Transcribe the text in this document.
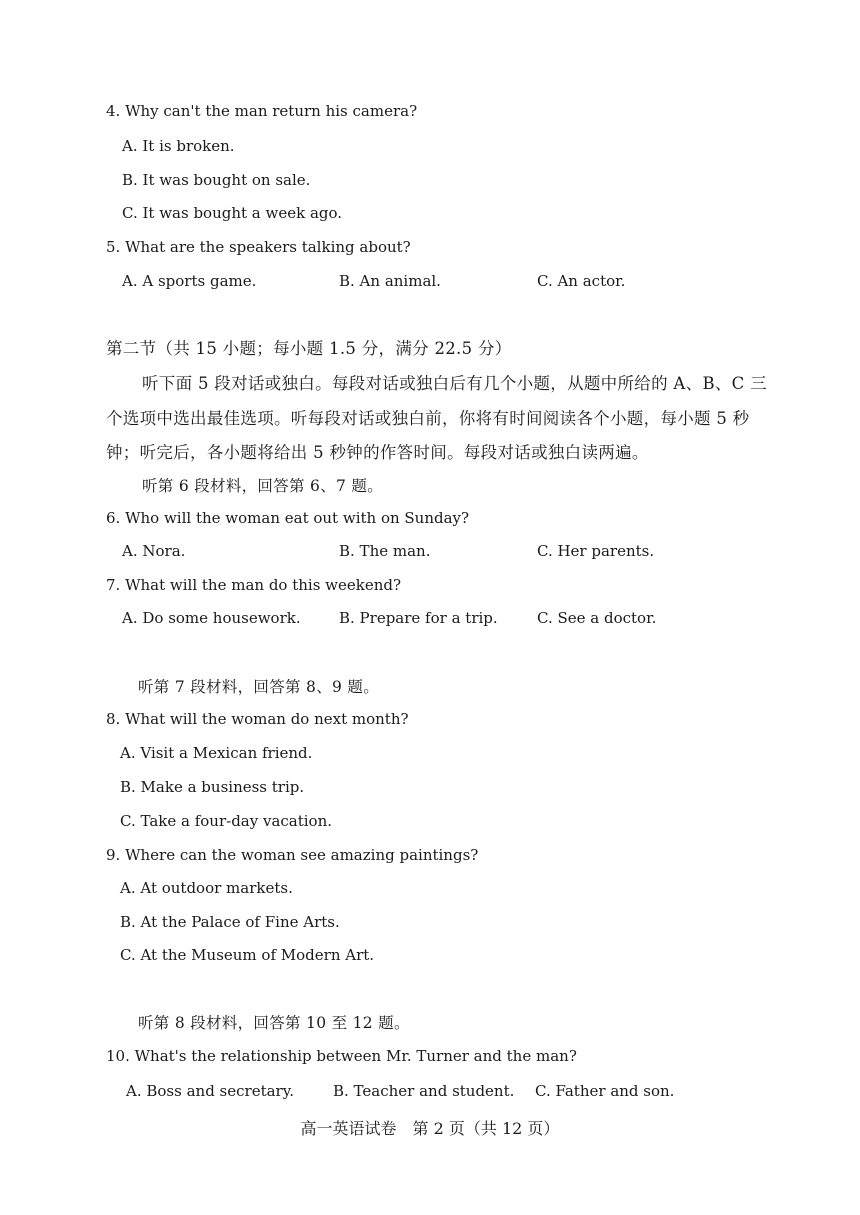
4. Why can't the man return his camera?
A. It is broken.
B. It was bought on sale.
C. It was bought a week ago.
5. What are the speakers talking about?
A. A sports game.	B. An animal.	C. An actor.
第二节（共 15 小题；每小题 1.5 分，满分 22.5 分）
听下面 5 段对话或独白。每段对话或独白后有几个小题，从题中所给的 A、B、C 三
个选项中选出最佳选项。听每段对话或独白前，你将有时间阅读各个小题，每小题 5 秒
钟；听完后，各小题将给出 5 秒钟的作答时间。每段对话或独白读两遍。
听第 6 段材料，回答第 6、7 题。
6. Who will the woman eat out with on Sunday?
A. Nora.	B. The man.	C. Her parents.
7. What will the man do this weekend?
A. Do some housework.	B. Prepare for a trip.	C. See a doctor.
听第 7 段材料，回答第 8、9 题。
8. What will the woman do next month?
A. Visit a Mexican friend.
B. Make a business trip.
C. Take a four-day vacation.
9. Where can the woman see amazing paintings?
A. At outdoor markets.
B. At the Palace of Fine Arts.
C. At the Museum of Modern Art.
听第 8 段材料，回答第 10 至 12 题。
10. What's the relationship between Mr. Turner and the man?
A. Boss and secretary.	B. Teacher and student. C. Father and son.
高一英语试卷　第 2 页（共 12 页）
